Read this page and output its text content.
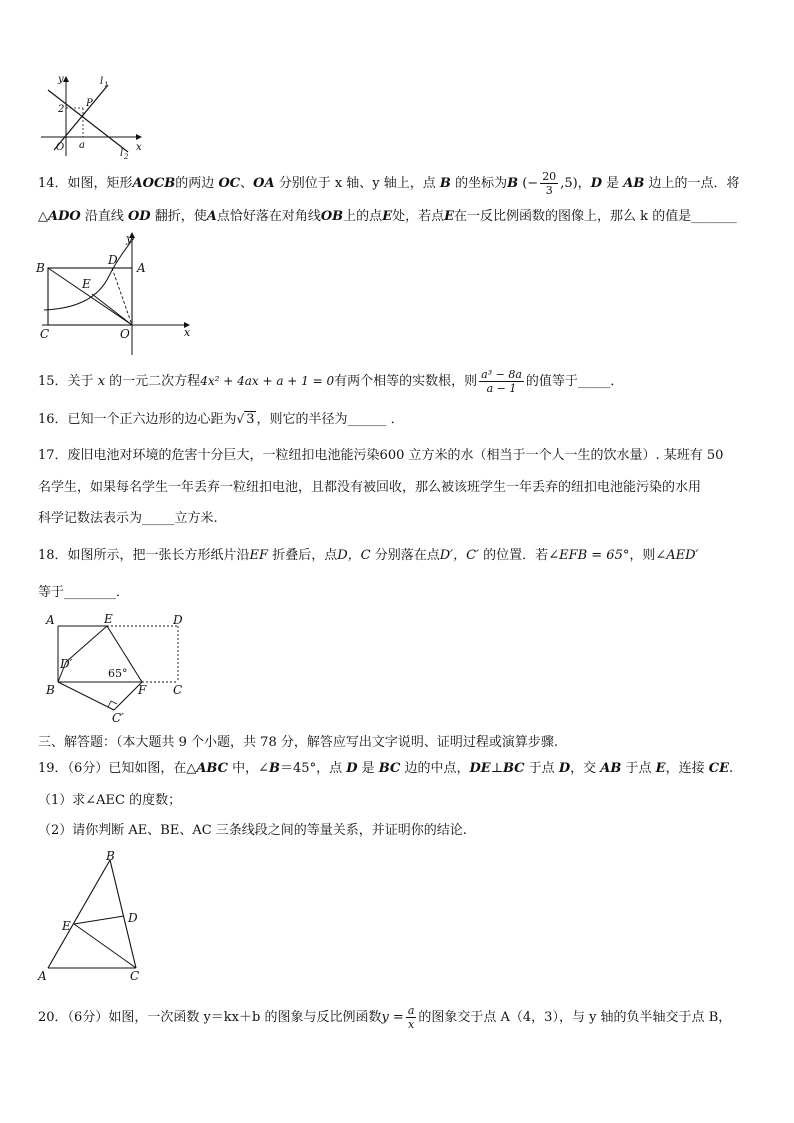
y
x
l 1
l 2
P
2
O a
14．如图，矩形AOCB的两边 OC、OA 分别位于 x 轴、y 轴上，点 B 的坐标为B (− $\frac{20}{3} ,5$)，D 是 AB 边上的一点．将
△ADO 沿直线 OD 翻折，使A点恰好落在对角线OB上的点E处，若点E在一反比例函数的图像上，那么 k 的值是_______
y
x
B	A
D
E
C	O
15．关于 x 的一元二次方程4x² + 4ax + a + 1 = 0有两个相等的实数根，则 $\frac{\text{a³ − 8a}}{a - 1}$ 的值等于_____．
16．已知一个正六边形的边心距为√ 3 ，则它的半径为______ ．
17．废旧电池对环境的危害十分巨大，一粒纽扣电池能污染600 立方米的水（相当于一个人一生的饮水量）. 某班有 50
名学生，如果每名学生一年丢弃一粒纽扣电池，且都没有被回收，那么被该班学生一年丢弃的纽扣电池能污染的水用
科学记数法表示为_____立方米.
18．如图所示，把一张长方形纸片沿EF 折叠后，点D，C 分别落在点D′，C′ 的位置．若∠EFB = 65°，则∠AED′
等于________．
A	E	D
D′
65°
B	F C
C′
三、解答题：（本大题共 9 个小题，共 78 分，解答应写出文字说明、证明过程或演算步骤.
19．（6分）已知如图，在△ABC 中，∠B＝45°，点 D 是 BC 边的中点，DE⊥BC 于点 D，交 AB 于点 E，连接 CE.
（1）求∠AEC 的度数；
（2）请你判断 AE、BE、AC 三条线段之间的等量关系，并证明你的结论.
B
E
D
A	C
20．（6分）如图，一次函数 y＝kx＋b 的图象与反比例函数$y = \frac{a}{x}$ 的图象交于点 A（4，3），与 y 轴的负半轴交于点 B，
